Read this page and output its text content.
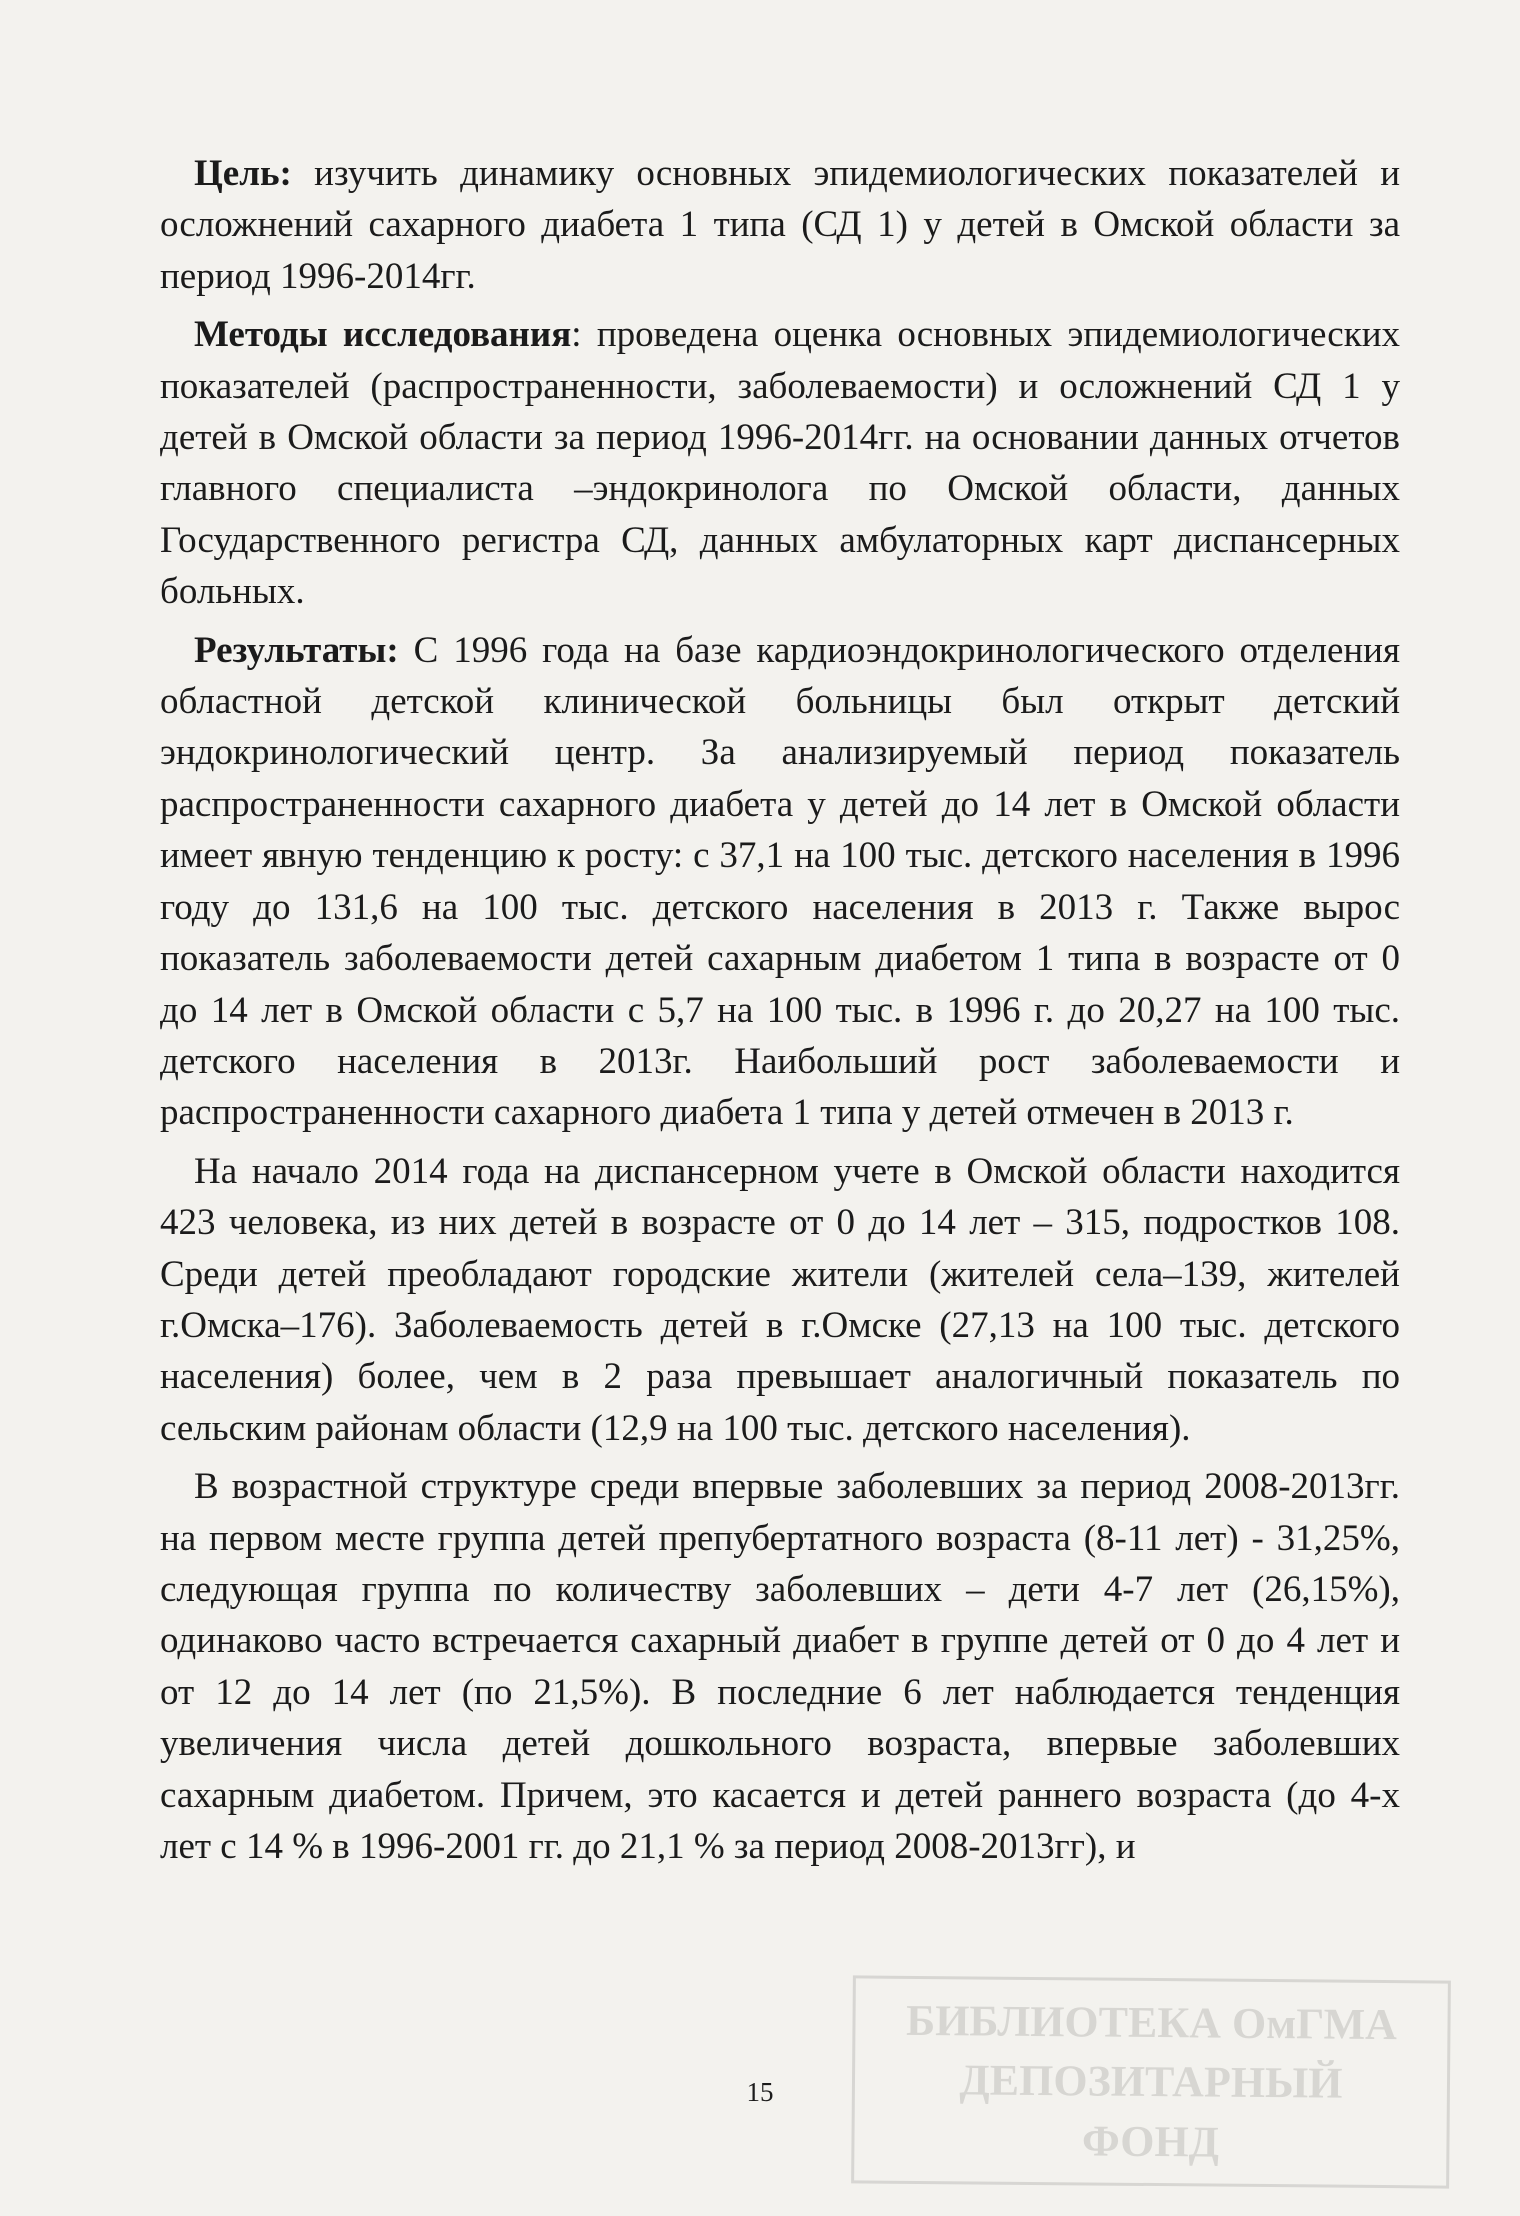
БИБЛИОТЕКА ОмГМА
ДЕПОЗИТАРНЫЙ
ФОНД

Цель: изучить динамику основных эпидемиологических показателей и осложнений сахарного диабета 1 типа (СД 1) у детей в Омской области за период 1996-2014гг.

Методы исследования: проведена оценка основных эпидемиологических показателей (распространенности, заболеваемости) и осложнений СД 1 у детей в Омской области за период 1996-2014гг. на основании данных отчетов главного специалиста –эндокринолога по Омской области, данных Государственного регистра СД, данных амбулаторных карт диспансерных больных.

Результаты: С 1996 года на базе кардиоэндокринологического отделения областной детской клинической больницы был открыт детский эндокринологический центр. За анализируемый период показатель распространенности сахарного диабета у детей до 14 лет в Омской области имеет явную тенденцию к росту: с 37,1 на 100 тыс. детского населения в 1996 году до 131,6 на 100 тыс. детского населения в 2013 г. Также вырос показатель заболеваемости детей сахарным диабетом 1 типа в возрасте от 0 до 14 лет в Омской области с 5,7 на 100 тыс. в 1996 г. до 20,27 на 100 тыс. детского населения в 2013г. Наибольший рост заболеваемости и распространенности сахарного диабета 1 типа у детей отмечен в 2013 г.

На начало 2014 года на диспансерном учете в Омской области находится 423 человека, из них детей в возрасте от 0 до 14 лет – 315, подростков 108. Среди детей преобладают городские жители (жителей села–139, жителей г.Омска–176). Заболеваемость детей в г.Омске (27,13 на 100 тыс. детского населения) более, чем в 2 раза превышает аналогичный показатель по сельским районам области (12,9 на 100 тыс. детского населения).

В возрастной структуре среди впервые заболевших за период 2008-2013гг. на первом месте группа детей препубертатного возраста (8-11 лет) - 31,25%, следующая группа по количеству заболевших – дети 4-7 лет (26,15%), одинаково часто встречается сахарный диабет в группе детей от 0 до 4 лет и от 12 до 14 лет (по 21,5%). В последние 6 лет наблюдается тенденция увеличения числа детей дошкольного возраста, впервые заболевших сахарным диабетом. Причем, это касается и детей раннего возраста (до 4-х лет с 14 % в 1996-2001 гг. до 21,1 % за период 2008-2013гг), и

15
